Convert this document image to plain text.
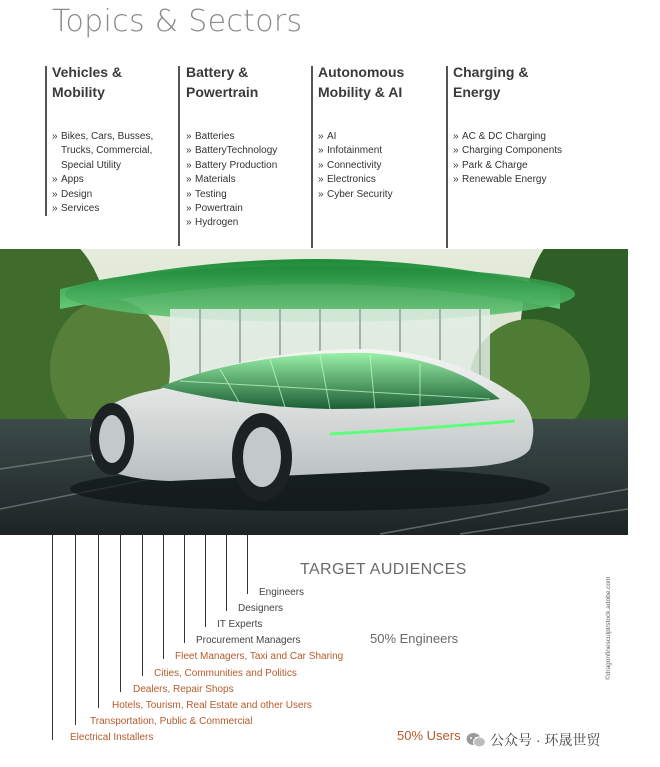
Topics & Sectors
Vehicles &
Mobility
» Bikes, Cars, Busses,
Trucks, Commercial,
Special Utility
» Apps
» Design
» Services
Battery &
Powertrain
» Batteries
» BatteryTechnology
» Battery Production
» Materials
» Testing
» Powertrain
» Hydrogen
Autonomous
Mobility & AI
» AI
» Infotainment
» Connectivity
» Electronics
» Cyber Security
Charging &
Energy
» AC & DC Charging
» Charging Components
» Park & Charge
» Renewable Energy
TARGET AUDIENCES
Engineers
Designers
IT Experts
Procurement Managers
Fleet Managers, Taxi and Car Sharing
Cities, Communities and Politics
Dealers, Repair Shops
Hotels, Tourism, Real Estate and other Users
Transportation, Public & Commercial
Electrical Installers
50% Engineers
50% Users
©dragonfinesculpt/stock.adobe.com
公众号 · 环晟世贸
